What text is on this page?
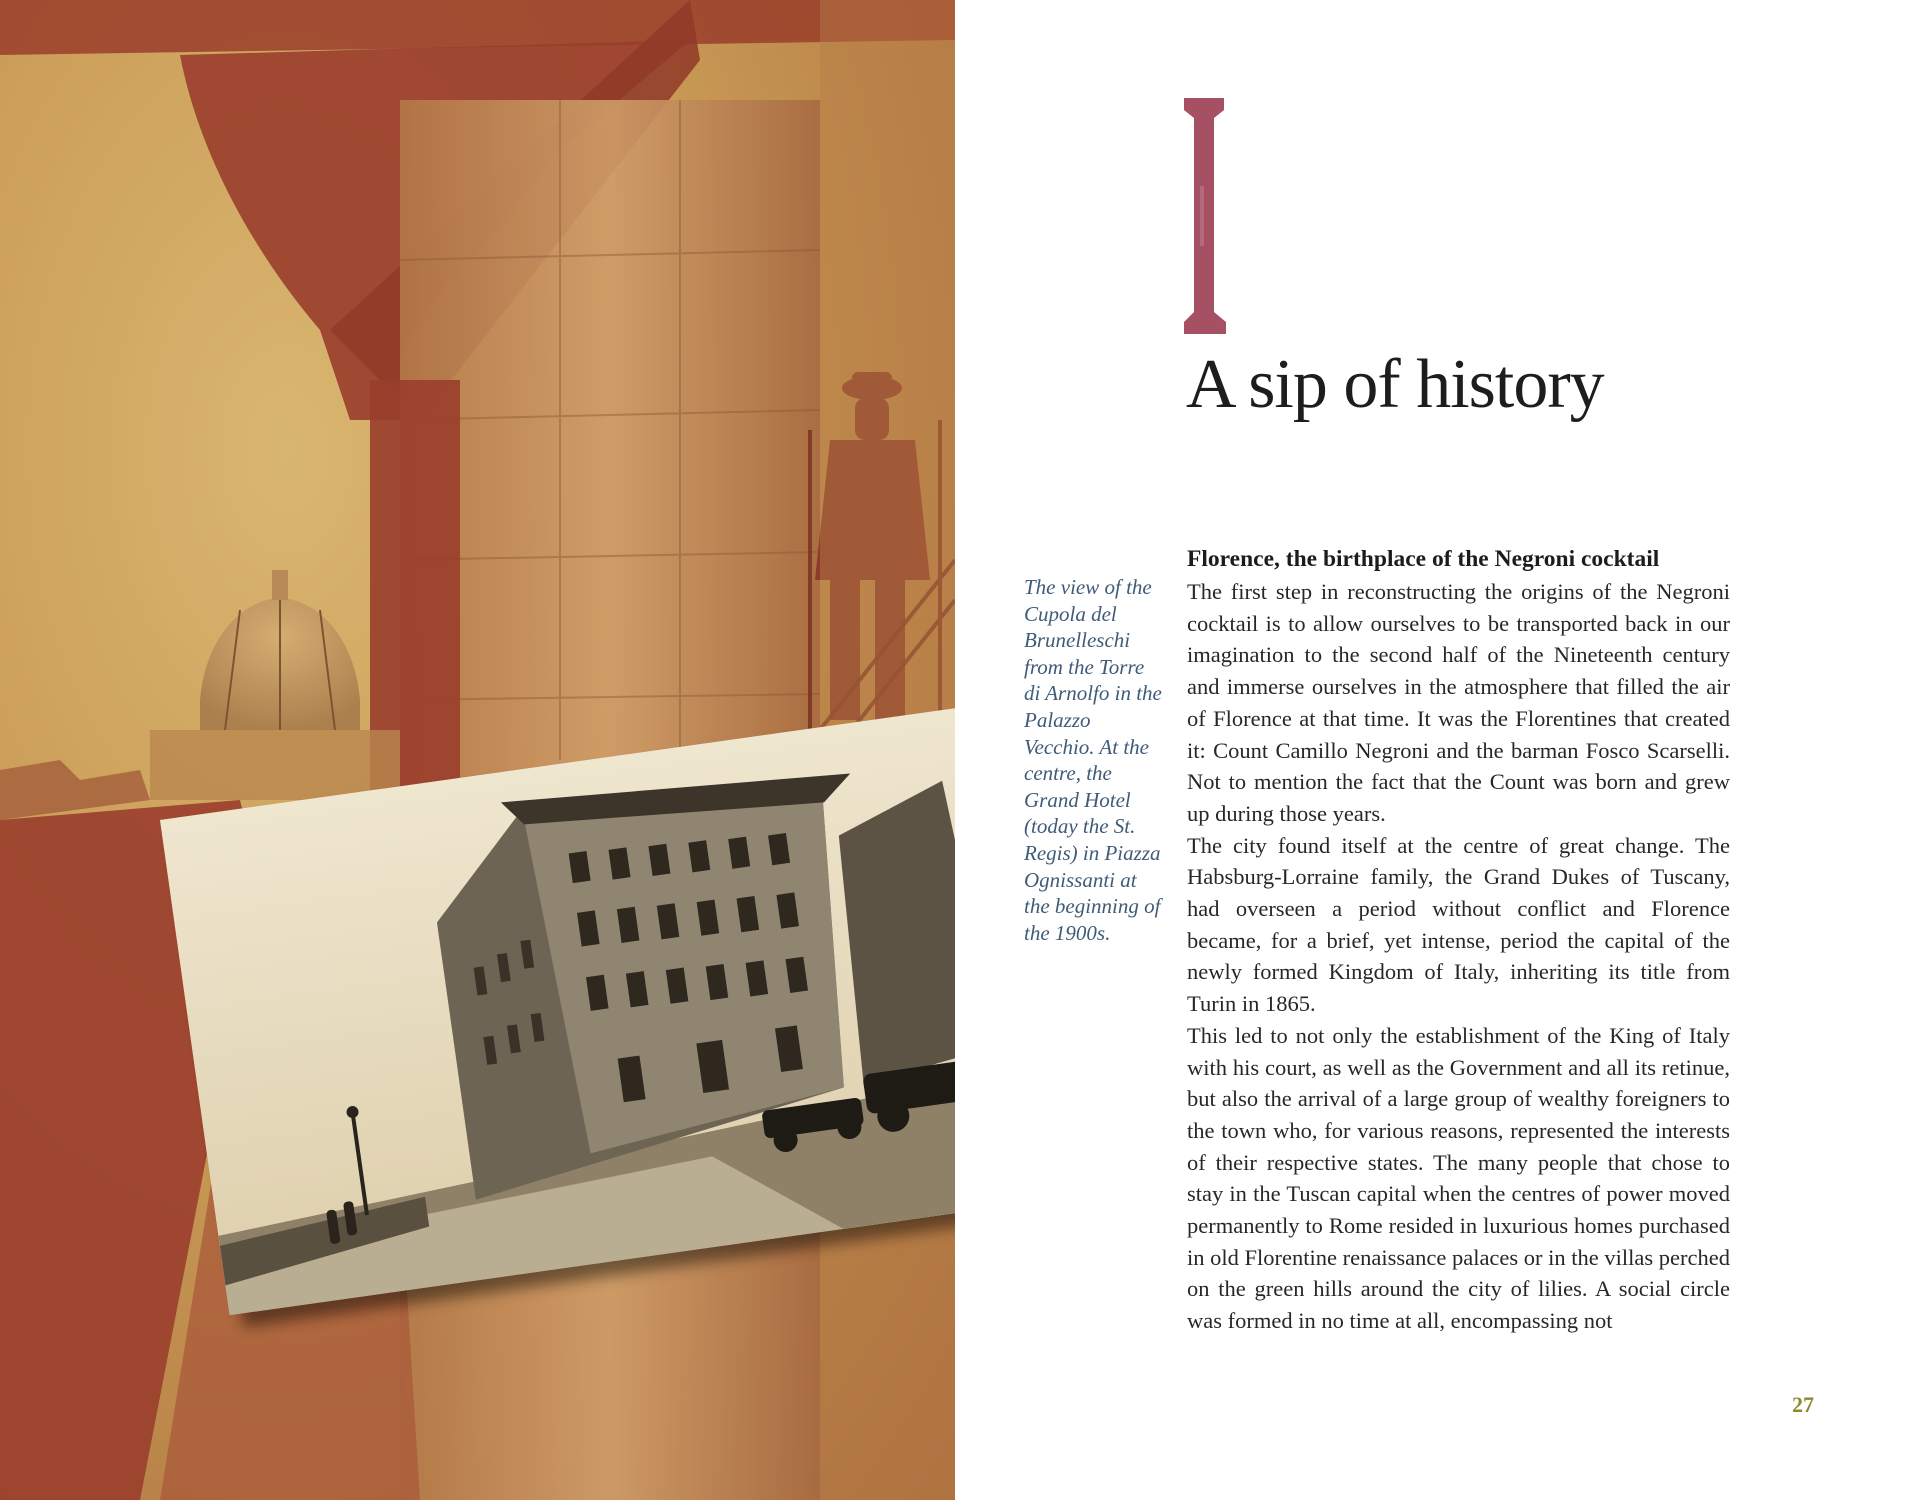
A sip of history

The view of the Cupola del Brunelleschi from the Torre di Arnolfo in the Palazzo Vecchio. At the centre, the Grand Hotel (today the St. Regis) in Piazza Ognissanti at the beginning of the 1900s.

Florence, the birthplace of the Negroni cocktail

The first step in reconstructing the origins of the Negroni cocktail is to allow ourselves to be transported back in our imagination to the second half of the Nineteenth century and immerse ourselves in the atmosphere that filled the air of Florence at that time. It was the Florentines that created it: Count Camillo Negroni and the barman Fosco Scarselli. Not to mention the fact that the Count was born and grew up during those years.

The city found itself at the centre of great change. The Habsburg-Lorraine family, the Grand Dukes of Tuscany, had overseen a period without conflict and Florence became, for a brief, yet intense, period the capital of the newly formed Kingdom of Italy, inheriting its title from Turin in 1865.

This led to not only the establishment of the King of Italy with his court, as well as the Government and all its retinue, but also the arrival of a large group of wealthy foreigners to the town who, for various reasons, represented the interests of their respective states. The many people that chose to stay in the Tuscan capital when the centres of power moved permanently to Rome resided in luxurious homes purchased in old Florentine renaissance palaces or in the villas perched on the green hills around the city of lilies. A social circle was formed in no time at all, encompassing not

27
